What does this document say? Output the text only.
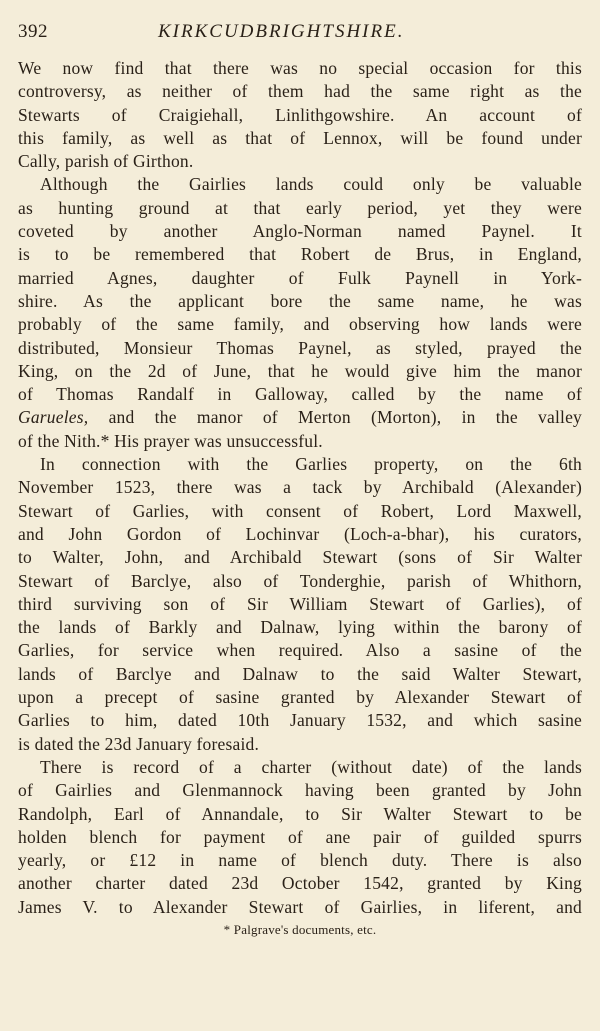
392	KIRKCUDBRIGHTSHIRE.
We now find that there was no special occasion for this
controversy, as neither of them had the same right as the
Stewarts of Craigiehall, Linlithgowshire. An account of
this family, as well as that of Lennox, will be found under
Cally, parish of Girthon.
Although the Gairlies lands could only be valuable
as hunting ground at that early period, yet they were
coveted by another Anglo-Norman named Paynel. It
is to be remembered that Robert de Brus, in England,
married Agnes, daughter of Fulk Paynell in York-
shire. As the applicant bore the same name, he was
probably of the same family, and observing how lands were
distributed, Monsieur Thomas Paynel, as styled, prayed the
King, on the 2d of June, that he would give him the manor
of Thomas Randalf in Galloway, called by the name of
Garueles, and the manor of Merton (Morton), in the valley
of the Nith.* His prayer was unsuccessful.
In connection with the Garlies property, on the 6th
November 1523, there was a tack by Archibald (Alexander)
Stewart of Garlies, with consent of Robert, Lord Maxwell,
and John Gordon of Lochinvar (Loch-a-bhar), his curators,
to Walter, John, and Archibald Stewart (sons of Sir Walter
Stewart of Barclye, also of Tonderghie, parish of Whithorn,
third surviving son of Sir William Stewart of Garlies), of
the lands of Barkly and Dalnaw, lying within the barony of
Garlies, for service when required. Also a sasine of the
lands of Barclye and Dalnaw to the said Walter Stewart,
upon a precept of sasine granted by Alexander Stewart of
Garlies to him, dated 10th January 1532, and which sasine
is dated the 23d January foresaid.
There is record of a charter (without date) of the lands
of Gairlies and Glenmannock having been granted by John
Randolph, Earl of Annandale, to Sir Walter Stewart to be
holden blench for payment of ane pair of guilded spurrs
yearly, or £12 in name of blench duty. There is also
another charter dated 23d October 1542, granted by King
James V. to Alexander Stewart of Gairlies, in liferent, and
* Palgrave's documents, etc.
